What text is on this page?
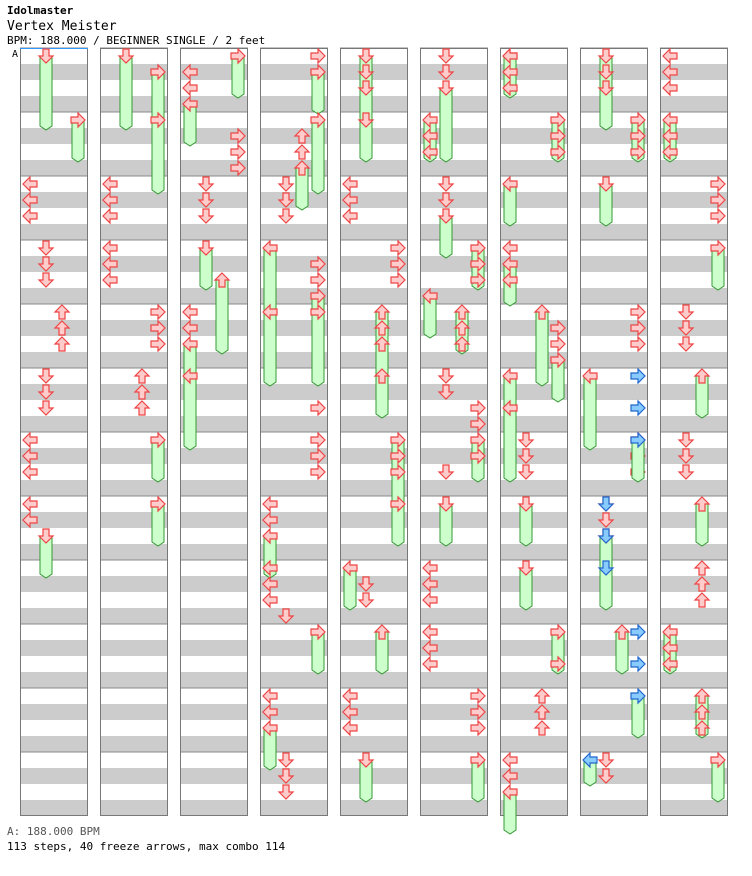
Idolmaster
Vertex Meister
BPM: 188.000 / BEGINNER SINGLE / 2 feet
A
A: 188.000 BPM
113 steps, 40 freeze arrows, max combo 114
